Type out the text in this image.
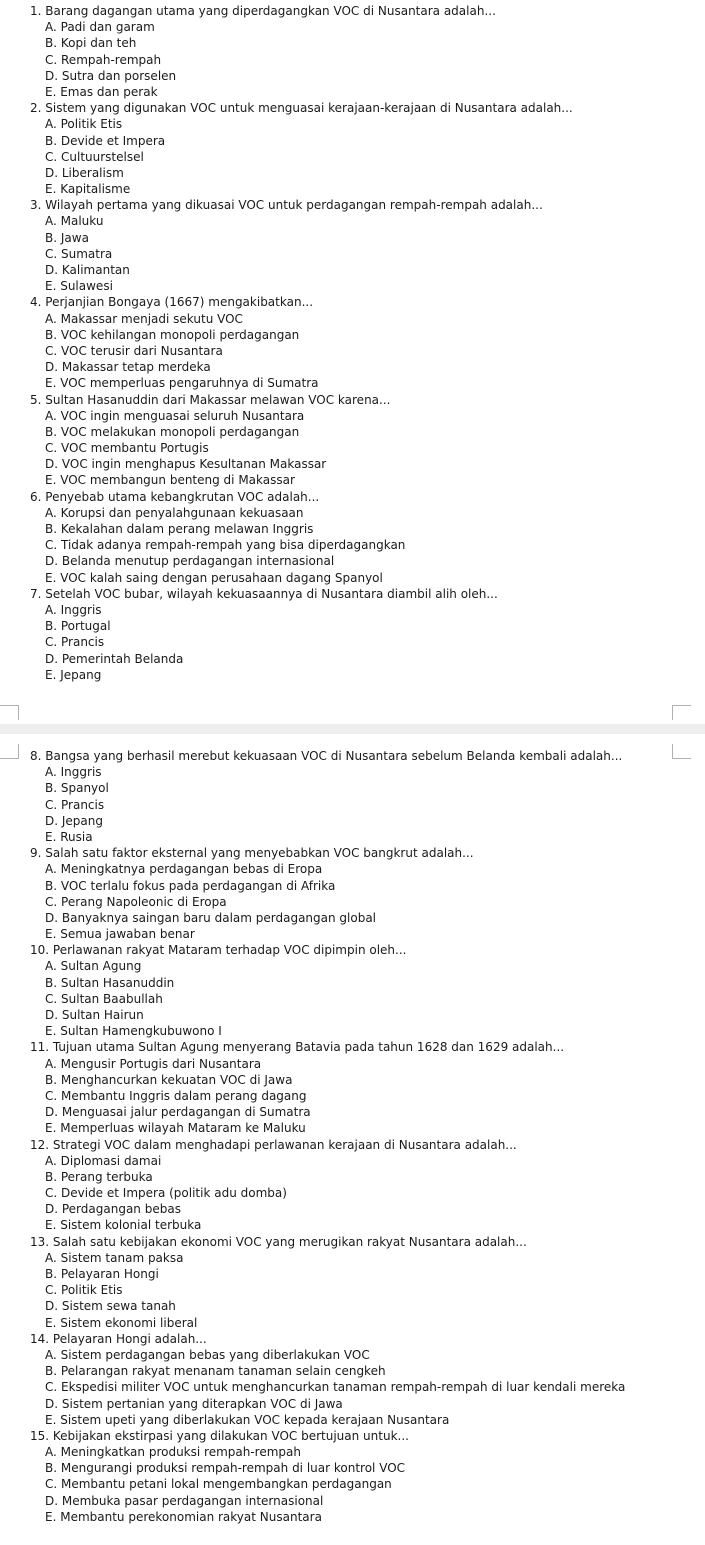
1. Barang dagangan utama yang diperdagangkan VOC di Nusantara adalah...
A. Padi dan garam
B. Kopi dan teh
C. Rempah-rempah
D. Sutra dan porselen
E. Emas dan perak
2. Sistem yang digunakan VOC untuk menguasai kerajaan-kerajaan di Nusantara adalah...
A. Politik Etis
B. Devide et Impera
C. Cultuurstelsel
D. Liberalism
E. Kapitalisme
3. Wilayah pertama yang dikuasai VOC untuk perdagangan rempah-rempah adalah...
A. Maluku
B. Jawa
C. Sumatra
D. Kalimantan
E. Sulawesi
4. Perjanjian Bongaya (1667) mengakibatkan...
A. Makassar menjadi sekutu VOC
B. VOC kehilangan monopoli perdagangan
C. VOC terusir dari Nusantara
D. Makassar tetap merdeka
E. VOC memperluas pengaruhnya di Sumatra
5. Sultan Hasanuddin dari Makassar melawan VOC karena...
A. VOC ingin menguasai seluruh Nusantara
B. VOC melakukan monopoli perdagangan
C. VOC membantu Portugis
D. VOC ingin menghapus Kesultanan Makassar
E. VOC membangun benteng di Makassar
6. Penyebab utama kebangkrutan VOC adalah...
A. Korupsi dan penyalahgunaan kekuasaan
B. Kekalahan dalam perang melawan Inggris
C. Tidak adanya rempah-rempah yang bisa diperdagangkan
D. Belanda menutup perdagangan internasional
E. VOC kalah saing dengan perusahaan dagang Spanyol
7. Setelah VOC bubar, wilayah kekuasaannya di Nusantara diambil alih oleh...
A. Inggris
B. Portugal
C. Prancis
D. Pemerintah Belanda
E. Jepang
8. Bangsa yang berhasil merebut kekuasaan VOC di Nusantara sebelum Belanda kembali adalah...
A. Inggris
B. Spanyol
C. Prancis
D. Jepang
E. Rusia
9. Salah satu faktor eksternal yang menyebabkan VOC bangkrut adalah...
A. Meningkatnya perdagangan bebas di Eropa
B. VOC terlalu fokus pada perdagangan di Afrika
C. Perang Napoleonic di Eropa
D. Banyaknya saingan baru dalam perdagangan global
E. Semua jawaban benar
10. Perlawanan rakyat Mataram terhadap VOC dipimpin oleh...
A. Sultan Agung
B. Sultan Hasanuddin
C. Sultan Baabullah
D. Sultan Hairun
E. Sultan Hamengkubuwono I
11. Tujuan utama Sultan Agung menyerang Batavia pada tahun 1628 dan 1629 adalah...
A. Mengusir Portugis dari Nusantara
B. Menghancurkan kekuatan VOC di Jawa
C. Membantu Inggris dalam perang dagang
D. Menguasai jalur perdagangan di Sumatra
E. Memperluas wilayah Mataram ke Maluku
12. Strategi VOC dalam menghadapi perlawanan kerajaan di Nusantara adalah...
A. Diplomasi damai
B. Perang terbuka
C. Devide et Impera (politik adu domba)
D. Perdagangan bebas
E. Sistem kolonial terbuka
13. Salah satu kebijakan ekonomi VOC yang merugikan rakyat Nusantara adalah...
A. Sistem tanam paksa
B. Pelayaran Hongi
C. Politik Etis
D. Sistem sewa tanah
E. Sistem ekonomi liberal
14. Pelayaran Hongi adalah...
A. Sistem perdagangan bebas yang diberlakukan VOC
B. Pelarangan rakyat menanam tanaman selain cengkeh
C. Ekspedisi militer VOC untuk menghancurkan tanaman rempah-rempah di luar kendali mereka
D. Sistem pertanian yang diterapkan VOC di Jawa
E. Sistem upeti yang diberlakukan VOC kepada kerajaan Nusantara
15. Kebijakan ekstirpasi yang dilakukan VOC bertujuan untuk...
A. Meningkatkan produksi rempah-rempah
B. Mengurangi produksi rempah-rempah di luar kontrol VOC
C. Membantu petani lokal mengembangkan perdagangan
D. Membuka pasar perdagangan internasional
E. Membantu perekonomian rakyat Nusantara
